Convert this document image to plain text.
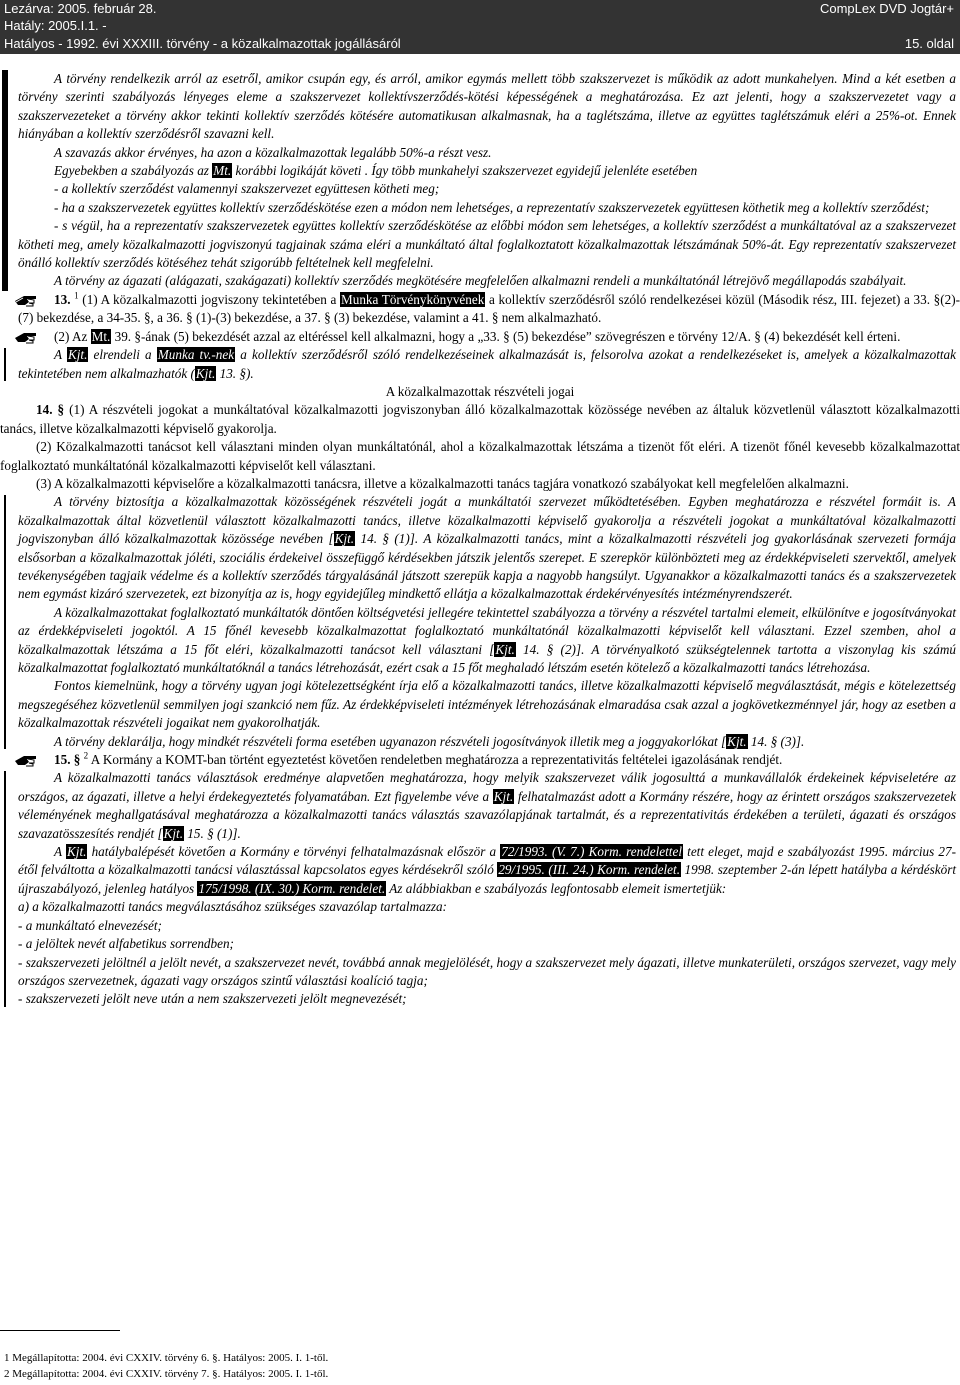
Lezárva: 2005. február 28.
Hatály: 2005.I.1. -
Hatályos - 1992. évi XXXIII. törvény - a közalkalmazottak jogállásáról
CompLex DVD Jogtár+
15. oldal

A törvény rendelkezik arról az esetről, amikor csupán egy, és arról, amikor egymás mellett több szakszervezet is működik az adott munkahelyen. Mind a két esetben a törvény szerinti szabályozás lényeges eleme a szakszervezet kollektívszerződés-kötési képességének a meghatározása. Ez azt jelenti, hogy a szakszervezetet vagy a szakszervezeteket a törvény akkor tekinti kollektív szerződés kötésére automatikusan alkalmasnak, ha a taglétszáma, illetve az együttes taglétszámuk eléri a 25%-ot. Ennek hiányában a kollektív szerződésről szavazni kell.

A szavazás akkor érvényes, ha azon a közalkalmazottak legalább 50%-a részt vesz.

Egyebekben a szabályozás az Mt. korábbi logikáját követi . Így több munkahelyi szakszervezet egyidejű jelenléte esetében

- a kollektív szerződést valamennyi szakszervezet együttesen kötheti meg;

- ha a szakszervezetek együttes kollektív szerződéskötése ezen a módon nem lehetséges, a reprezentatív szakszervezetek együttesen köthetik meg a kollektív szerződést;

- s végül, ha a reprezentatív szakszervezetek együttes kollektív szerződéskötése az előbbi módon sem lehetséges, a kollektív szerződést a munkáltatóval az a szakszervezet kötheti meg, amely közalkalmazotti jogviszonyú tagjainak száma eléri a munkáltató által foglalkoztatott közalkalmazottak létszámának 50%-át. Egy reprezentatív szakszervezet önálló kollektív szerződés kötéséhez tehát szigorúbb feltételnek kell megfelelni.

A törvény az ágazati (alágazati, szakágazati) kollektív szerződés megkötésére megfelelően alkalmazni rendeli a munkáltatónál létrejövő megállapodás szabályait.

13. $^1$ (1) A közalkalmazotti jogviszony tekintetében a Munka Törvénykönyvének a kollektív szerződésről szóló rendelkezései közül (Második rész, III. fejezet) a 33. §(2)-(7) bekezdése, a 34-35. §, a 36. § (1)-(3) bekezdése, a 37. § (3) bekezdése, valamint a 41. § nem alkalmazható.

(2) Az Mt. 39. §-ának (5) bekezdését azzal az eltéréssel kell alkalmazni, hogy a „33. § (5) bekezdése” szövegrészen e törvény 12/A. § (4) bekezdését kell érteni.

A Kjt. elrendeli a Munka tv.-nek a kollektív szerződésről szóló rendelkezéseinek alkalmazását is, felsorolva azokat a rendelkezéseket is, amelyek a közalkalmazottak tekintetében nem alkalmazhatók (Kjt. 13. §).

A közalkalmazottak részvételi jogai

14. § (1) A részvételi jogokat a munkáltatóval közalkalmazotti jogviszonyban álló közalkalmazottak közössége nevében az általuk közvetlenül választott közalkalmazotti tanács, illetve közalkalmazotti képviselő gyakorolja.

(2) Közalkalmazotti tanácsot kell választani minden olyan munkáltatónál, ahol a közalkalmazottak létszáma a tizenöt főt eléri. A tizenöt főnél kevesebb közalkalmazottat foglalkoztató munkáltatónál közalkalmazotti képviselőt kell választani.

(3) A közalkalmazotti képviselőre a közalkalmazotti tanácsra, illetve a közalkalmazotti tanács tagjára vonatkozó szabályokat kell megfelelően alkalmazni.

A törvény biztosítja a közalkalmazottak közösségének részvételi jogát a munkáltatói szervezet működtetésében. Egyben meghatározza e részvétel formáit is. A közalkalmazottak által közvetlenül választott közalkalmazotti tanács, illetve közalkalmazotti képviselő gyakorolja a részvételi jogokat a munkáltatóval közalkalmazotti jogviszonyban álló közalkalmazottak közössége nevében [Kjt. 14. § (1)]. A közalkalmazotti tanács, mint a közalkalmazotti részvételi jog gyakorlásának szervezeti formája elsősorban a közalkalmazottak jóléti, szociális érdekeivel összefüggő kérdésekben játszik jelentős szerepet. E szerepkör különbözteti meg az érdekképviseleti szervektől, amelyek tevékenységében tagjaik védelme és a kollektív szerződés tárgyalásánál játszott szerepük kapja a nagyobb hangsúlyt. Ugyanakkor a közalkalmazotti tanács és a szakszervezetek nem egymást kizáró szervezetek, ezt bizonyítja az is, hogy egyidejűleg mindkettő ellátja a közalkalmazottak érdekérvényesítés intézményrendszerét.

A közalkalmazottakat foglalkoztató munkáltatók döntően költségvetési jellegére tekintettel szabályozza a törvény a részvétel tartalmi elemeit, elkülönítve e jogosítványokat az érdekképviseleti jogoktól. A 15 főnél kevesebb közalkalmazottat foglalkoztató munkáltatónál közalkalmazotti képviselőt kell választani. Ezzel szemben, ahol a közalkalmazottak létszáma a 15 főt eléri, közalkalmazotti tanácsot kell választani [Kjt. 14. § (2)]. A törvényalkotó szükségtelennek tartotta a viszonylag kis számú közalkalmazottat foglalkoztató munkáltatóknál a tanács létrehozását, ezért csak a 15 főt meghaladó létszám esetén kötelező a közalkalmazotti tanács létrehozása.

Fontos kiemelnünk, hogy a törvény ugyan jogi kötelezettségként írja elő a közalkalmazotti tanács, illetve közalkalmazotti képviselő megválasztását, mégis e kötelezettség megszegéséhez közvetlenül semmilyen jogi szankció nem fűz. Az érdekképviseleti intézmények létrehozásának elmaradása csak azzal a jogkövetkezménnyel jár, hogy az esetben a közalkalmazottak részvételi jogaikat nem gyakorolhatják.

A törvény deklarálja, hogy mindkét részvételi forma esetében ugyanazon részvételi jogosítványok illetik meg a joggyakorlókat [Kjt. 14. § (3)].

15. § $^2$ A Kormány a KOMT-ban történt egyeztetést követően rendeletben meghatározza a reprezentativitás feltételei igazolásának rendjét.

A közalkalmazotti tanács választások eredménye alapvetően meghatározza, hogy melyik szakszervezet válik jogosulttá a munkavállalók érdekeinek képviseletére az országos, az ágazati, illetve a helyi érdekegyeztetés folyamatában. Ezt figyelembe véve a Kjt. felhatalmazást adott a Kormány részére, hogy az érintett országos szakszervezetek véleményének meghallgatásával meghatározza a közalkalmazotti tanács választás szavazólapjának tartalmát, és a reprezentativitás érdekében a területi, ágazati és országos szavazatösszesítés rendjét [Kjt. 15. § (1)].

A Kjt. hatálybalépését követően a Kormány e törvényi felhatalmazásnak először a 72/1993. (V. 7.) Korm. rendelettel tett eleget, majd e szabályozást 1995. március 27-étől felváltotta a közalkalmazotti tanácsi választással kapcsolatos egyes kérdésekről szóló 29/1995. (III. 24.) Korm. rendelet. 1998. szeptember 2-án lépett hatályba a kérdéskört újraszabályozó, jelenleg hatályos 175/1998. (IX. 30.) Korm. rendelet. Az alábbiakban e szabályozás legfontosabb elemeit ismertetjük:

a) a közalkalmazotti tanács megválasztásához szükséges szavazólap tartalmazza:

- a munkáltató elnevezését;

- a jelöltek nevét alfabetikus sorrendben;

- szakszervezeti jelöltnél a jelölt nevét, a szakszervezet nevét, továbbá annak megjelölését, hogy a szakszervezet mely ágazati, illetve munkaterületi, országos szervezet, vagy mely országos szervezetnek, ágazati vagy országos szintű választási koalíció tagja;

- szakszervezeti jelölt neve után a nem szakszervezeti jelölt megnevezését;

1 Megállapította: 2004. évi CXXIV. törvény 6. §. Hatályos: 2005. I. 1-től.
2 Megállapította: 2004. évi CXXIV. törvény 7. §. Hatályos: 2005. I. 1-től.
